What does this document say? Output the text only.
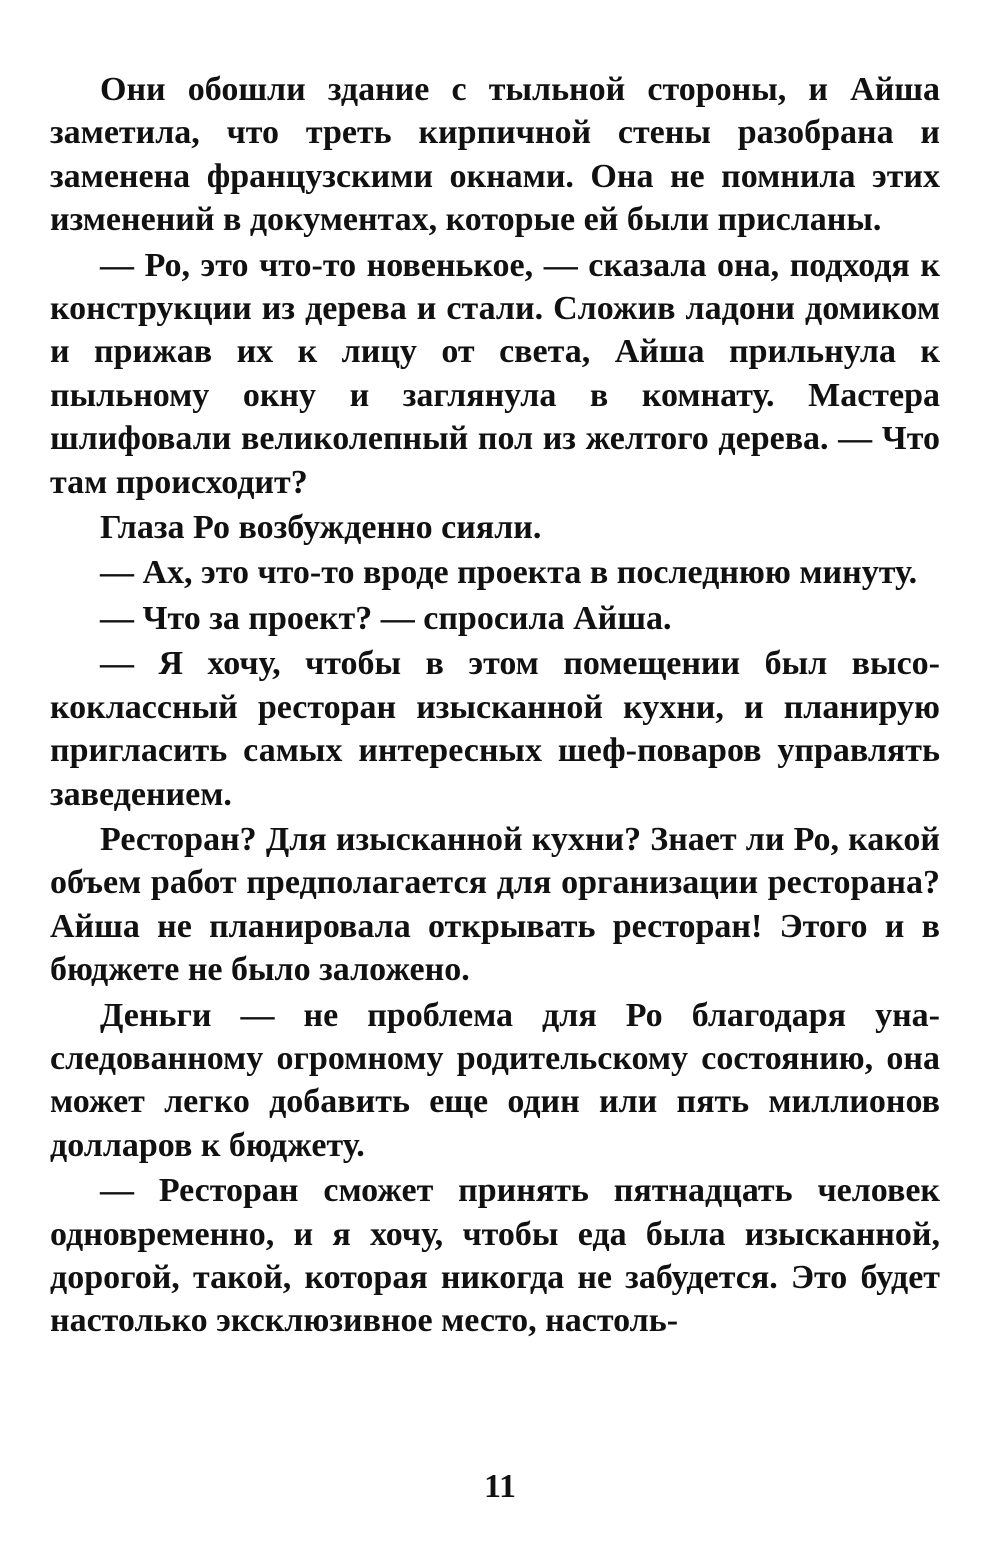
Они обошли здание с тыльной стороны, и Айша заметила, что треть кирпичной стены разобрана и заменена французскими окнами. Она не помнила этих изменений в документах, которые ей были присланы.

— Ро, это что-то новенькое, — сказала она, подходя к конструкции из дерева и стали. Сложив ладони домиком и прижав их к лицу от света, Айша прильнула к пыльному окну и заглянула в комнату. Мастера шлифовали великолепный пол из желтого дерева. — Что там происходит?

Глаза Ро возбужденно сияли.

— Ах, это что-то вроде проекта в последнюю минуту.

— Что за проект? — спросила Айша.

— Я хочу, чтобы в этом помещении был высококлассный ресторан изысканной кухни, и планирую пригласить самых интересных шеф-поваров управлять заведением.

Ресторан? Для изысканной кухни? Знает ли Ро, какой объем работ предполагается для организации ресторана? Айша не планировала открывать ресторан! Этого и в бюджете не было заложено.

Деньги — не проблема для Ро благодаря унаследованному огромному родительскому состоянию, она может легко добавить еще один или пять миллионов долларов к бюджету.

— Ресторан сможет принять пятнадцать человек одновременно, и я хочу, чтобы еда была изысканной, дорогой, такой, которая никогда не забудется. Это будет настолько эксклюзивное место, настоль-

11
